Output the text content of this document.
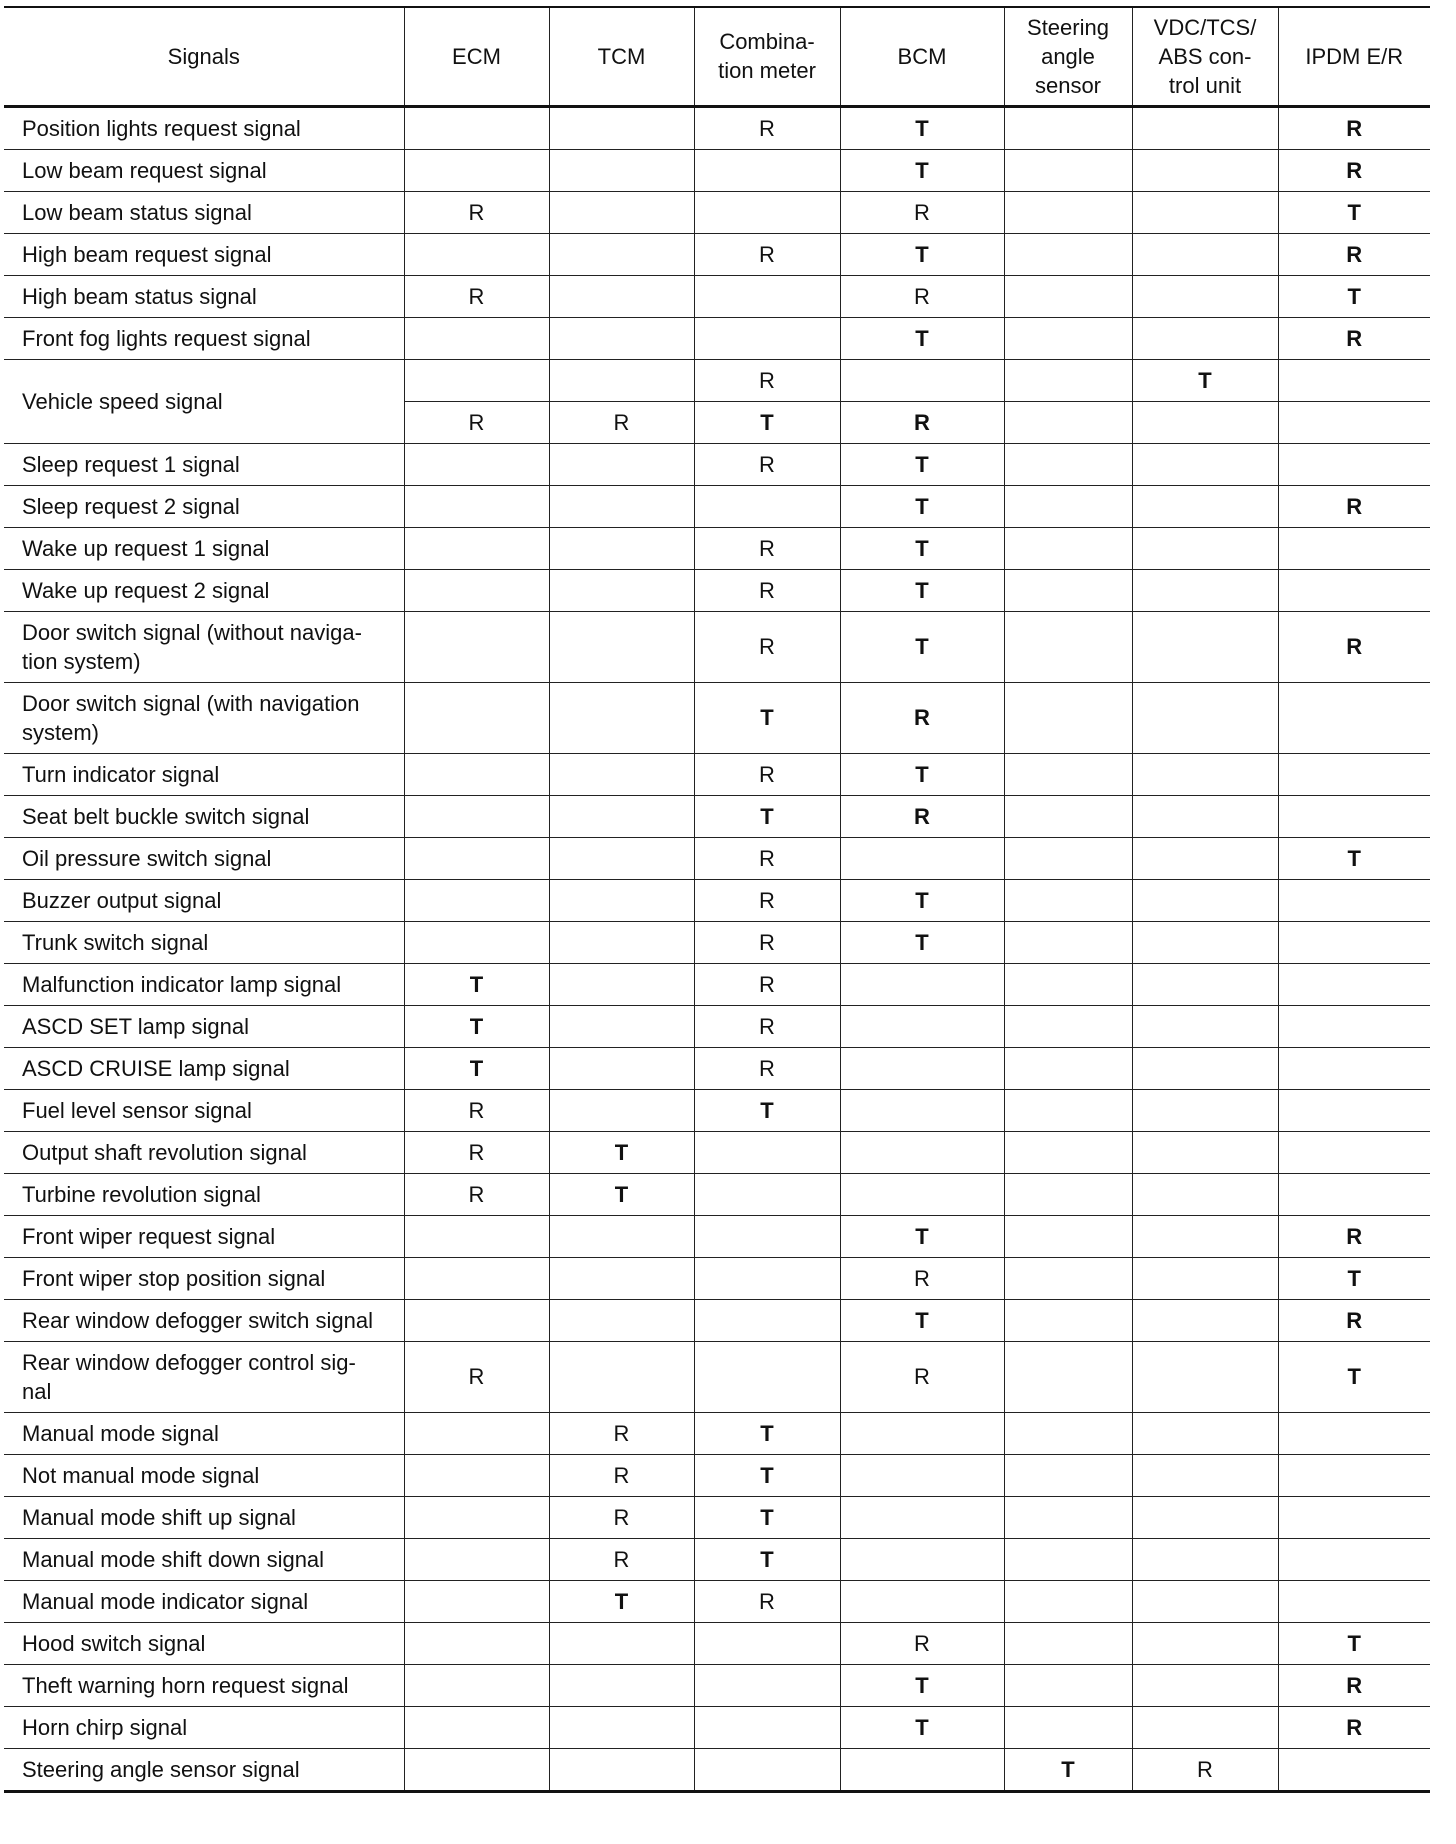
Signals	ECM	TCM	Combina-
tion meter	BCM	Steering
angle
sensor	VDC/TCS/
ABS con-
trol unit	IPDM E/R
Position lights request signal			R	T			R
Low beam request signal				T			R
Low beam status signal	R			R			T
High beam request signal			R	T			R
High beam status signal	R			R			T
Front fog lights request signal				T			R
Vehicle speed signal			R			T	
	R	R	T	R			
Sleep request 1 signal			R	T			
Sleep request 2 signal				T			R
Wake up request 1 signal			R	T			
Wake up request 2 signal			R	T			
Door switch signal (without naviga-
tion system)			R	T			R
Door switch signal (with navigation
system)			T	R			
Turn indicator signal			R	T			
Seat belt buckle switch signal			T	R			
Oil pressure switch signal			R				T
Buzzer output signal			R	T			
Trunk switch signal			R	T			
Malfunction indicator lamp signal	T		R				
ASCD SET lamp signal	T		R				
ASCD CRUISE lamp signal	T		R				
Fuel level sensor signal	R		T				
Output shaft revolution signal	R	T					
Turbine revolution signal	R	T					
Front wiper request signal				T			R
Front wiper stop position signal				R			T
Rear window defogger switch signal				T			R
Rear window defogger control sig-
nal	R			R			T
Manual mode signal		R	T				
Not manual mode signal		R	T				
Manual mode shift up signal		R	T				
Manual mode shift down signal		R	T				
Manual mode indicator signal		T	R				
Hood switch signal				R			T
Theft warning horn request signal				T			R
Horn chirp signal				T			R
Steering angle sensor signal					T	R	
